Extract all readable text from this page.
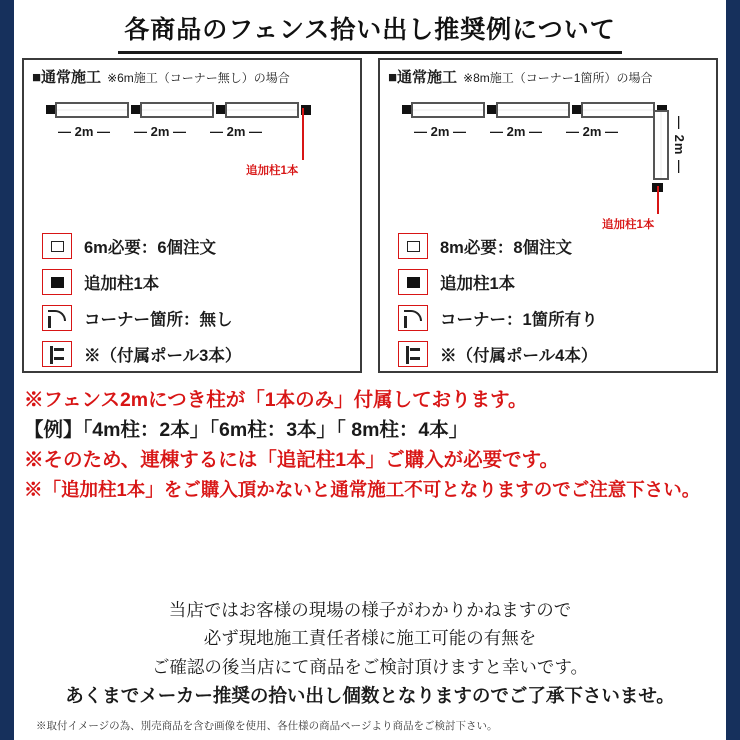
各商品のフェンス拾い出し推奨例について
■通常施工 ※6m施工（コーナー無し）の場合
― 2m ―	― 2m ―	― 2m ―
追加柱1本
6m必要：6個注文
追加柱1本
コーナー箇所：無し
※（付属ポール3本）
■通常施工 ※8m施工（コーナー1箇所）の場合
― 2m ―	― 2m ―	― 2m ―	― 2m ―
追加柱1本
8m必要：8個注文
追加柱1本
コーナー：1箇所有り
※（付属ポール4本）
※フェンス2mにつき柱が「1本のみ」付属しております。
【例】「4m柱：2本」「6m柱：3本」「 8m柱：4本」
※そのため、連棟するには「追記柱1本」ご購入が必要です。
※「追加柱1本」をご購入頂かないと通常施工不可となりますのでご注意下さい。
当店ではお客様の現場の様子がわかりかねますので
必ず現地施工責任者様に施工可能の有無を
ご確認の後当店にて商品をご検討頂けますと幸いです。
あくまでメーカー推奨の拾い出し個数となりますのでご了承下さいませ。
※取付イメージの為、別売商品を含む画像を使用、各仕様の商品ページより商品をご検討下さい。
